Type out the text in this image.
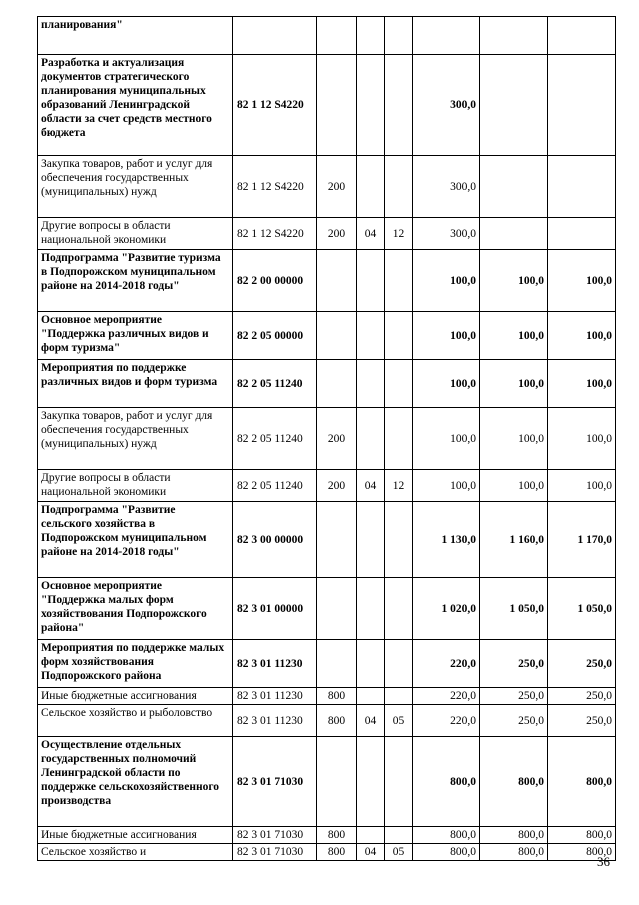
планирования"							
Разработка и актуализация документов стратегического планирования муниципальных образований Ленинградской области за счет средств местного бюджета	82 1 12 S4220				300,0		
Закупка товаров, работ и услуг для обеспечения государственных (муниципальных) нужд	82 1 12 S4220	200			300,0		
Другие вопросы в области национальной экономики	82 1 12 S4220	200	04	12	300,0		
Подпрограмма "Развитие туризма в Подпорожском муниципальном районе на 2014-2018 годы"	82 2 00 00000				100,0	100,0	100,0
Основное мероприятие "Поддержка различных видов и форм туризма"	82 2 05 00000				100,0	100,0	100,0
Мероприятия по поддержке различных видов и форм туризма	82 2 05 11240				100,0	100,0	100,0
Закупка товаров, работ и услуг для обеспечения государственных (муниципальных) нужд	82 2 05 11240	200			100,0	100,0	100,0
Другие вопросы в области национальной экономики	82 2 05 11240	200	04	12	100,0	100,0	100,0
Подпрограмма "Развитие сельского хозяйства в Подпорожском муниципальном районе на 2014-2018 годы"	82 3 00 00000				1 130,0	1 160,0	1 170,0
Основное мероприятие "Поддержка малых форм хозяйствования Подпорожского района"	82 3 01 00000				1 020,0	1 050,0	1 050,0
Мероприятия по поддержке малых форм хозяйствования Подпорожского района	82 3 01 11230				220,0	250,0	250,0
Иные бюджетные ассигнования	82 3 01 11230	800			220,0	250,0	250,0
Сельское хозяйство и рыболовство	82 3 01 11230	800	04	05	220,0	250,0	250,0
Осуществление отдельных государственных полномочий Ленинградской области по поддержке сельскохозяйственного производства	82 3 01 71030				800,0	800,0	800,0
Иные бюджетные ассигнования	82 3 01 71030	800			800,0	800,0	800,0
Сельское хозяйство и	82 3 01 71030	800	04	05	800,0	800,0	800,0
36
